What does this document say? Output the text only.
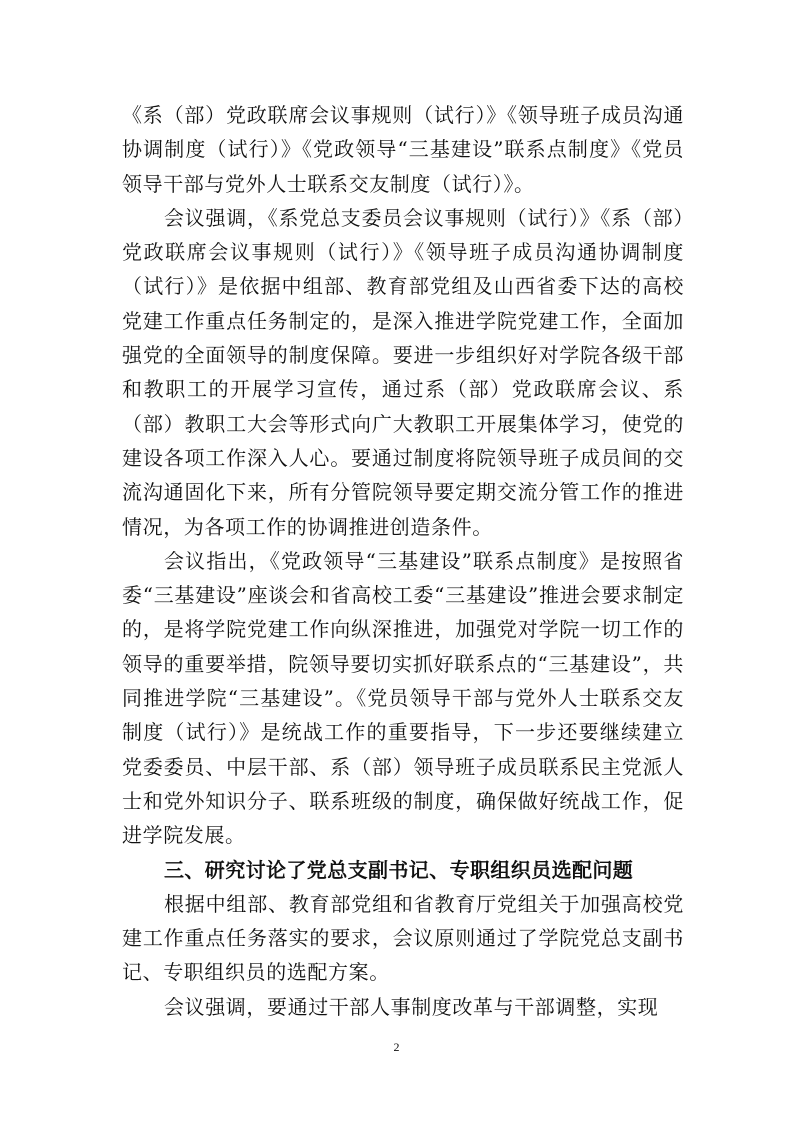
《系（部）党政联席会议事规则（试行）》《领导班子成员沟通协调制度（试行）》《党政领导“三基建设”联系点制度》《党员领导干部与党外人士联系交友制度（试行）》。

会议强调，《系党总支委员会议事规则（试行）》《系（部）党政联席会议事规则（试行）》《领导班子成员沟通协调制度（试行）》是依据中组部、教育部党组及山西省委下达的高校党建工作重点任务制定的，是深入推进学院党建工作，全面加强党的全面领导的制度保障。要进一步组织好对学院各级干部和教职工的开展学习宣传，通过系（部）党政联席会议、系（部）教职工大会等形式向广大教职工开展集体学习，使党的建设各项工作深入人心。要通过制度将院领导班子成员间的交流沟通固化下来，所有分管院领导要定期交流分管工作的推进情况，为各项工作的协调推进创造条件。

会议指出，《党政领导“三基建设”联系点制度》是按照省委“三基建设”座谈会和省高校工委“三基建设”推进会要求制定的，是将学院党建工作向纵深推进，加强党对学院一切工作的领导的重要举措，院领导要切实抓好联系点的“三基建设”，共同推进学院“三基建设”。《党员领导干部与党外人士联系交友制度（试行）》是统战工作的重要指导，下一步还要继续建立党委委员、中层干部、系（部）领导班子成员联系民主党派人士和党外知识分子、联系班级的制度，确保做好统战工作，促进学院发展。

三、研究讨论了党总支副书记、专职组织员选配问题

根据中组部、教育部党组和省教育厅党组关于加强高校党建工作重点任务落实的要求，会议原则通过了学院党总支副书记、专职组织员的选配方案。

会议强调，要通过干部人事制度改革与干部调整，实现

2
